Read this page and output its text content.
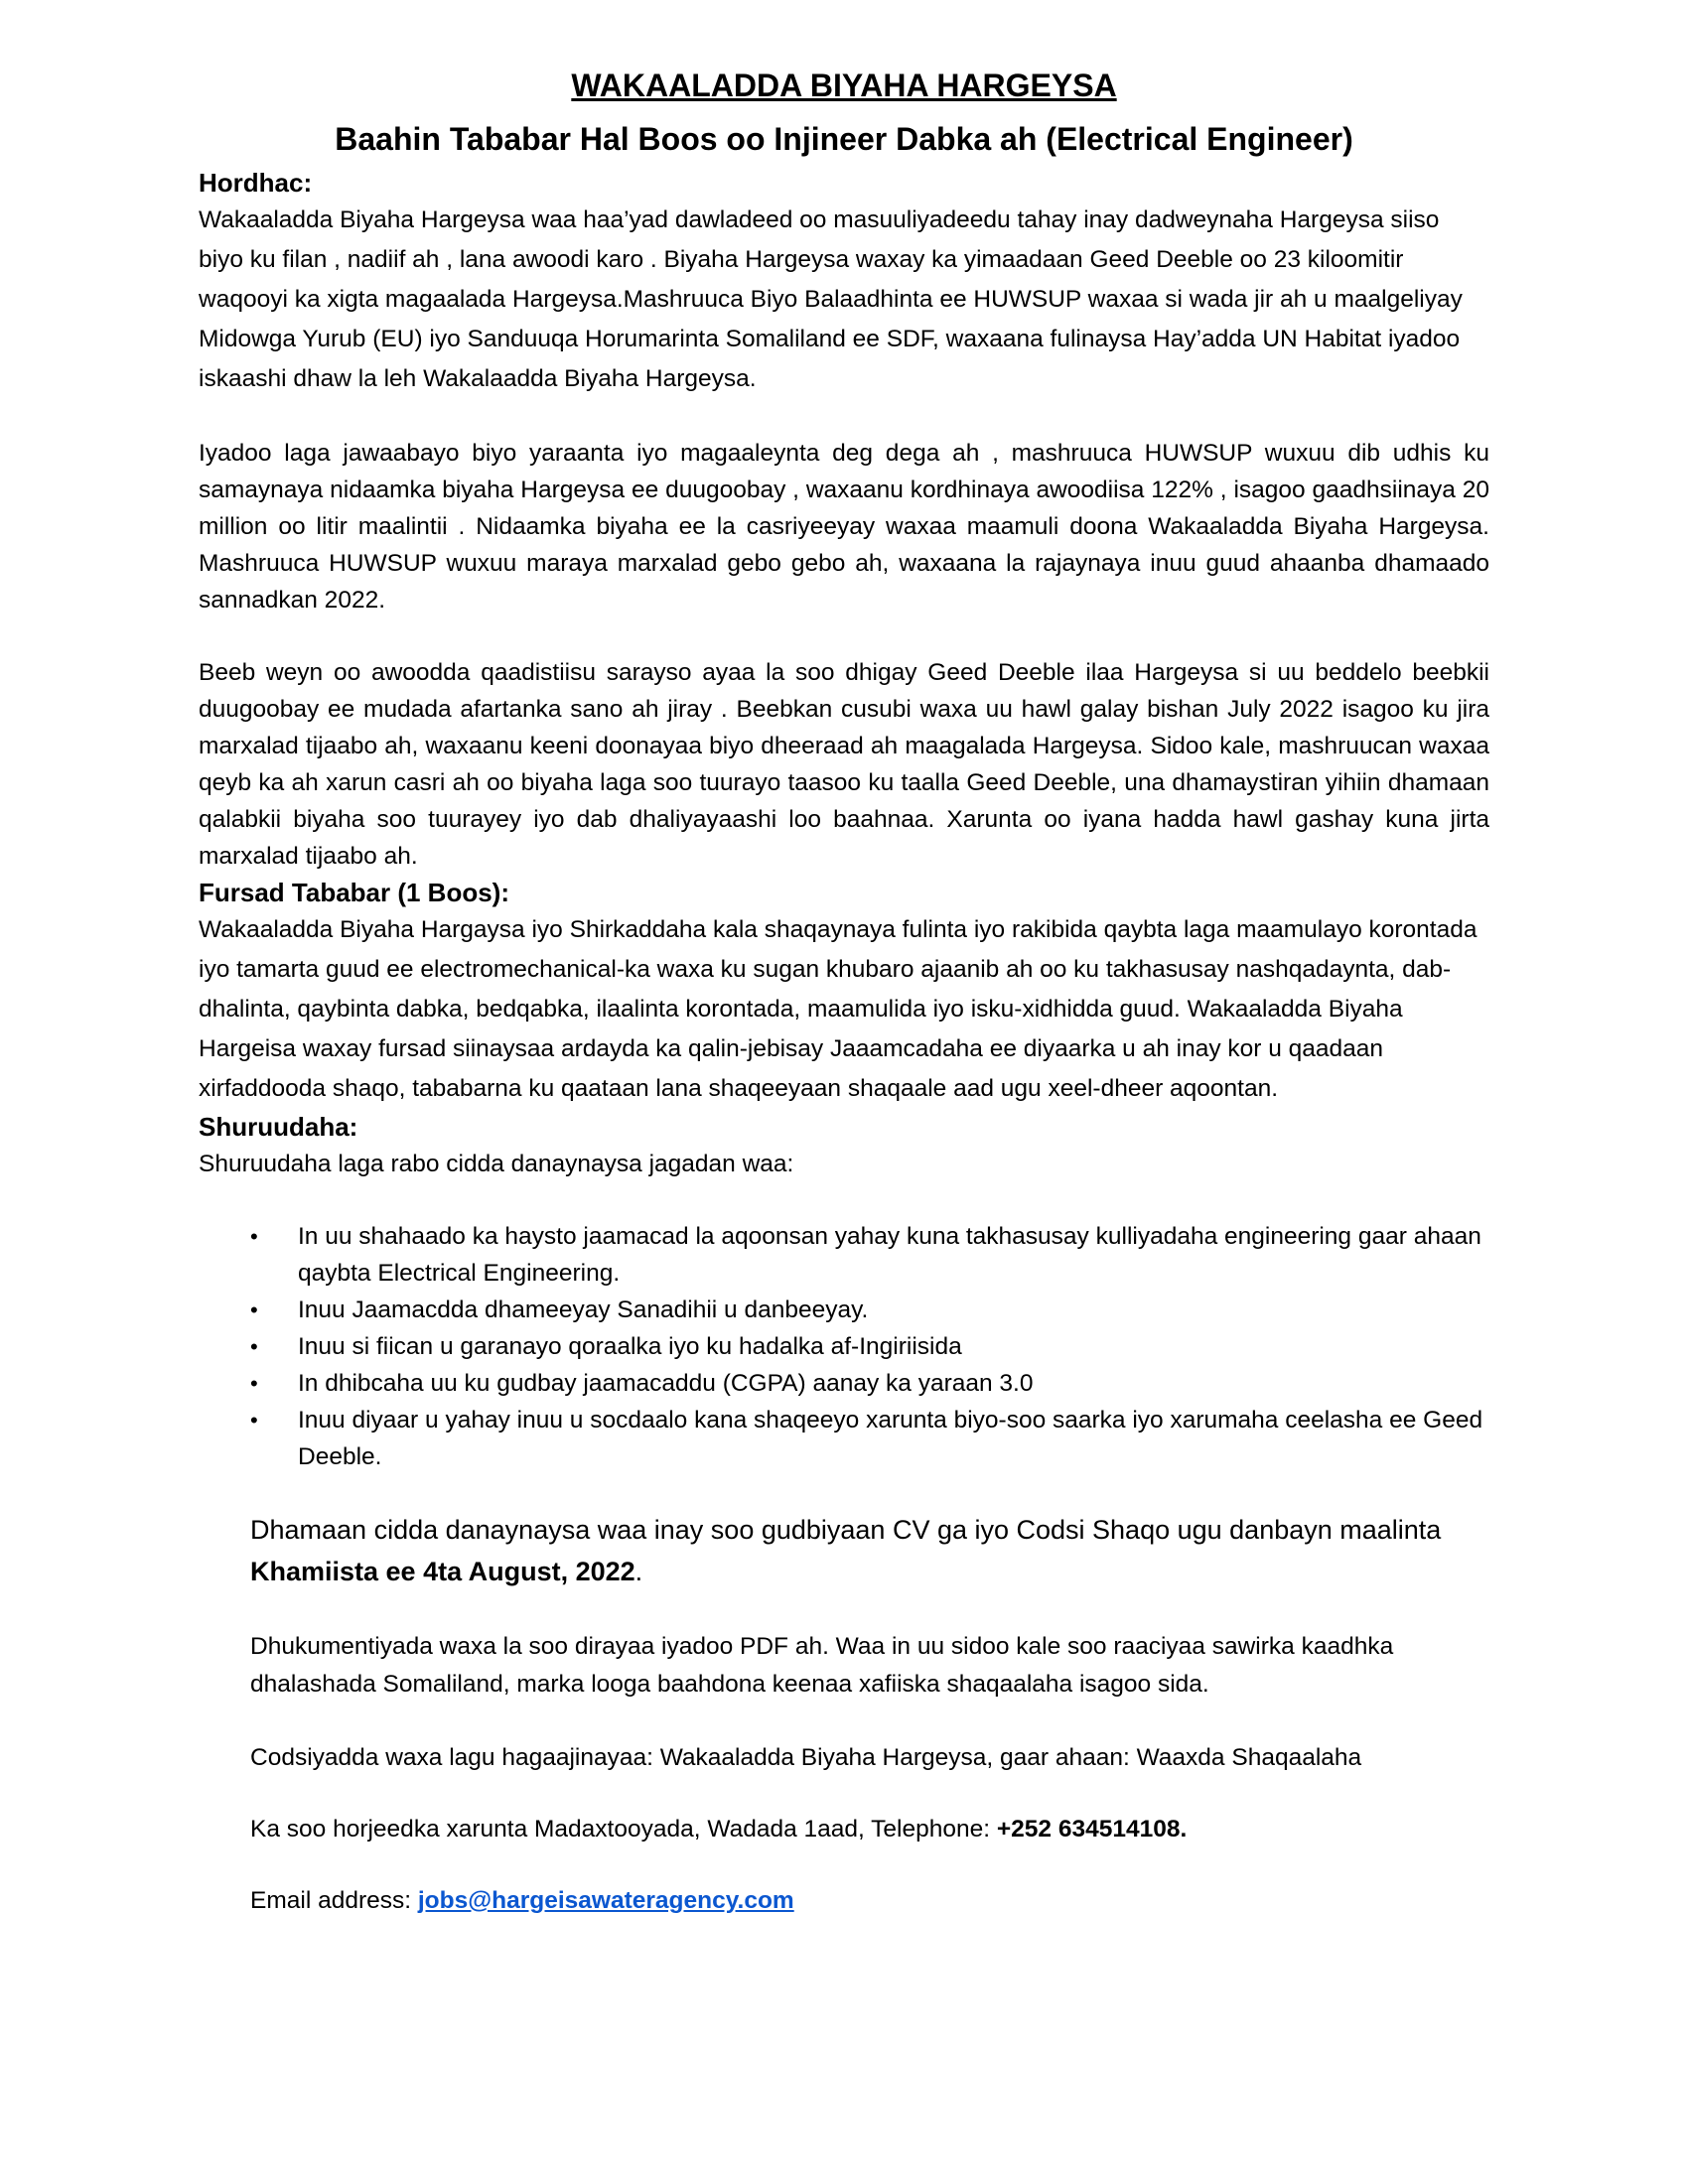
WAKAALADDA BIYAHA HARGEYSA
Baahin Tababar Hal Boos oo Injineer Dabka ah (Electrical Engineer)
Hordhac:

Wakaaladda Biyaha Hargeysa waa haa’yad dawladeed oo masuuliyadeedu tahay inay dadweynaha Hargeysa siiso biyo ku filan , nadiif ah , lana awoodi karo . Biyaha Hargeysa waxay ka yimaadaan Geed Deeble oo 23 kiloomitir waqooyi ka xigta magaalada Hargeysa.Mashruuca Biyo Balaadhinta ee HUWSUP waxaa si wada jir ah u maalgeliyay Midowga Yurub (EU) iyo Sanduuqa Horumarinta Somaliland ee SDF, waxaana fulinaysa Hay’adda UN Habitat iyadoo iskaashi dhaw la leh Wakalaadda Biyaha Hargeysa.

Iyadoo laga jawaabayo biyo yaraanta iyo magaaleynta deg dega ah , mashruuca HUWSUP wuxuu dib udhis ku samaynaya nidaamka biyaha Hargeysa ee duugoobay , waxaanu kordhinaya awoodiisa 122% , isagoo gaadhsiinaya 20 million oo litir maalintii . Nidaamka biyaha ee la casriyeeyay waxaa maamuli doona Wakaaladda Biyaha Hargeysa. Mashruuca HUWSUP wuxuu maraya marxalad gebo gebo ah, waxaana la rajaynaya inuu guud ahaanba dhamaado sannadkan 2022.

Beeb weyn oo awoodda qaadistiisu sarayso ayaa la soo dhigay Geed Deeble ilaa Hargeysa si uu beddelo beebkii duugoobay ee mudada afartanka sano ah jiray . Beebkan cusubi waxa uu hawl galay bishan July 2022 isagoo ku jira marxalad tijaabo ah, waxaanu keeni doonayaa biyo dheeraad ah maagalada Hargeysa. Sidoo kale, mashruucan waxaa qeyb ka ah xarun casri ah oo biyaha laga soo tuurayo taasoo ku taalla Geed Deeble, una dhamaystiran yihiin dhamaan qalabkii biyaha soo tuurayey iyo dab dhaliyayaashi loo baahnaa. Xarunta oo iyana hadda hawl gashay kuna jirta marxalad tijaabo ah.

Fursad Tababar (1 Boos):

Wakaaladda Biyaha Hargaysa iyo Shirkaddaha kala shaqaynaya fulinta iyo rakibida qaybta laga maamulayo korontada iyo tamarta guud ee electromechanical-ka waxa ku sugan khubaro ajaanib ah oo ku takhasusay nashqadaynta, dab-dhalinta, qaybinta dabka, bedqabka, ilaalinta korontada, maamulida iyo isku-xidhidda guud. Wakaaladda Biyaha Hargeisa waxay fursad siinaysaa ardayda ka qalin-jebisay Jaaamcadaha ee diyaarka u ah inay kor u qaadaan xirfaddooda shaqo, tababarna ku qaataan lana shaqeeyaan shaqaale aad ugu xeel-dheer aqoontan.

Shuruudaha:

Shuruudaha laga rabo cidda danaynaysa jagadan waa:

• In uu shahaado ka haysto jaamacad la aqoonsan yahay kuna takhasusay kulliyadaha engineering gaar ahaan qaybta Electrical Engineering.
• Inuu Jaamacdda dhameeyay Sanadihii u danbeeyay.
• Inuu si fiican u garanayo qoraalka iyo ku hadalka af-Ingiriisida
• In dhibcaha uu ku gudbay jaamacaddu (CGPA) aanay ka yaraan 3.0
• Inuu diyaar u yahay inuu u socdaalo kana shaqeeyo xarunta biyo-soo saarka iyo xarumaha ceelasha ee Geed Deeble.

Dhamaan cidda danaynaysa waa inay soo gudbiyaan CV ga iyo Codsi Shaqo ugu danbayn maalinta Khamiista ee 4ta August, 2022.

Dhukumentiyada waxa la soo dirayaa iyadoo PDF ah. Waa in uu sidoo kale soo raaciyaa sawirka kaadhka dhalashada Somaliland, marka looga baahdona keenaa xafiiska shaqaalaha isagoo sida.

Codsiyadda waxa lagu hagaajinayaa: Wakaaladda Biyaha Hargeysa, gaar ahaan: Waaxda Shaqaalaha

Ka soo horjeedka xarunta Madaxtooyada, Wadada 1aad, Telephone: +252 634514108.

Email address: jobs@hargeisawateragency.com
